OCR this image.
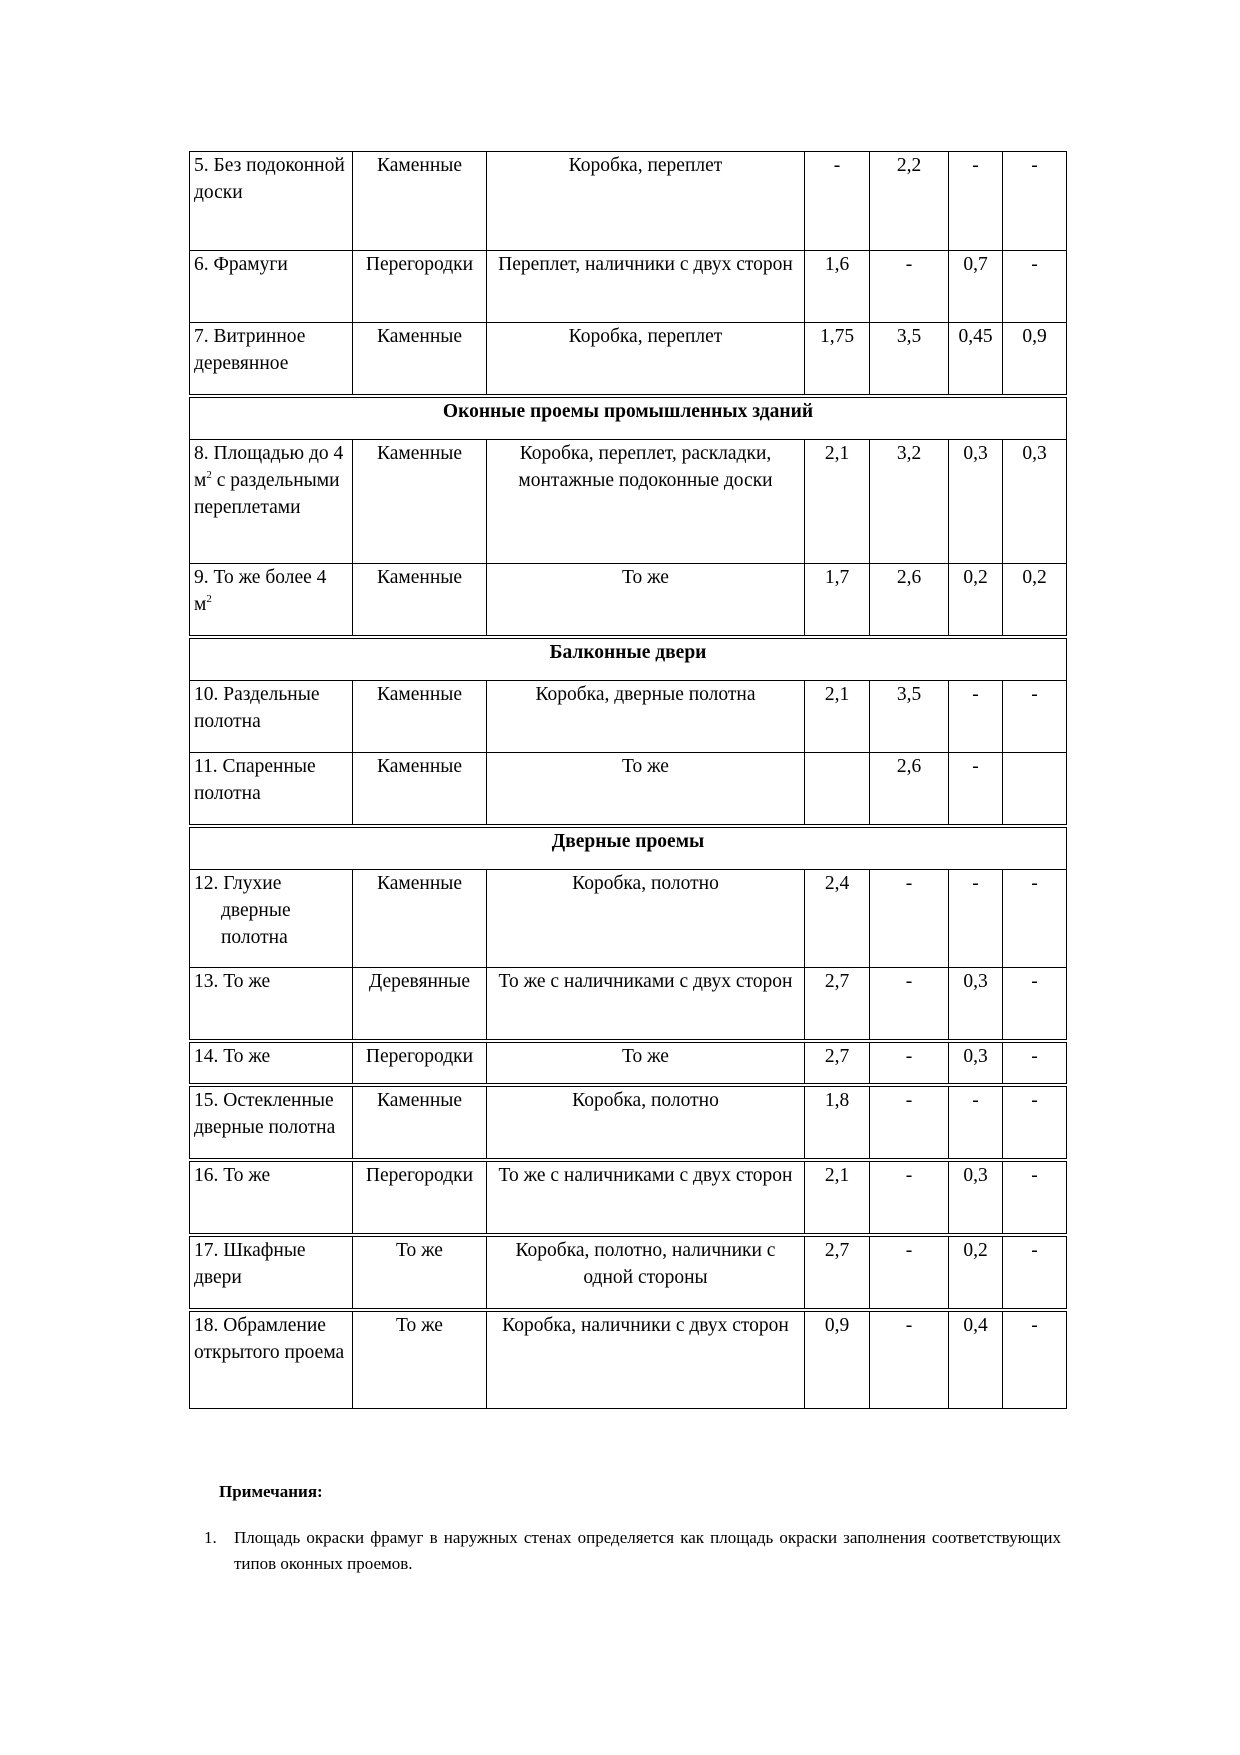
5. Без подоконной доски	Каменные	Коробка, переплет	-	2,2	-	-
6. Фрамуги	Перегородки	Переплет, наличники с двух сторон	1,6	-	0,7	-
7. Витринное деревянное	Каменные	Коробка, переплет	1,75	3,5	0,45	0,9
Оконные проемы промышленных зданий						
8. Площадью до 4 $м^2$ с раздельными переплетами	Каменные	Коробка, переплет, раскладки, монтажные подоконные доски	2,1	3,2	0,3	0,3
9. То же более 4 $м^2$	Каменные	То же	1,7	2,6	0,2	0,2
Балконные двери						
10. Раздельные полотна	Каменные	Коробка, дверные полотна	2,1	3,5	-	-
11. Спаренные полотна	Каменные	То же		2,6	-	
Дверные проемы						
12. Глухие дверные полотна	Каменные	Коробка, полотно	2,4	-	-	-
13. То же	Деревянные	То же с наличниками с двух сторон	2,7	-	0,3	-
14. То же	Перегородки	То же	2,7	-	0,3	-
15. Остекленные дверные полотна	Каменные	Коробка, полотно	1,8	-	-	-
16. То же	Перегородки	То же с наличниками с двух сторон	2,1	-	0,3	-
17. Шкафные двери	То же	Коробка, полотно, наличники с одной стороны	2,7	-	0,2	-
18. Обрамление открытого проема	То же	Коробка, наличники с двух сторон	0,9	-	0,4	-

Примечания:

1.	Площадь окраски фрамуг в наружных стенах определяется как площадь окраски заполнения соответствующих типов оконных проемов.
